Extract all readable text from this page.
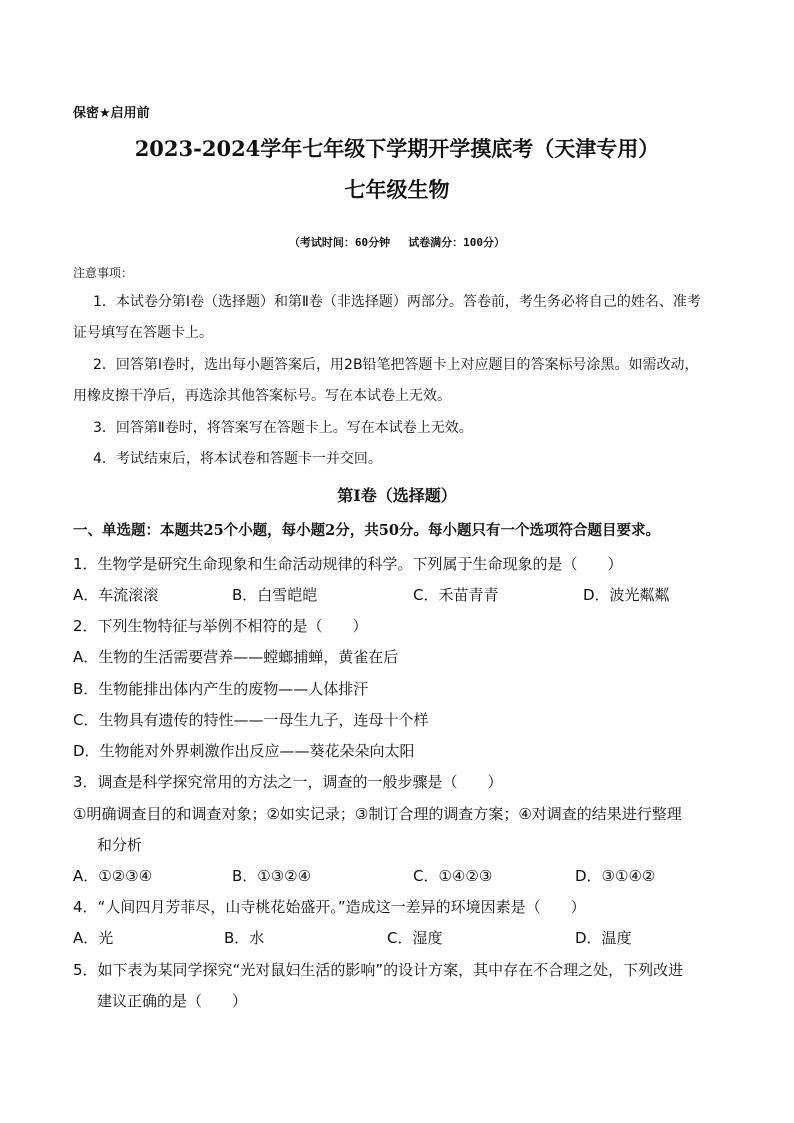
保密★启用前
2023-2024学年七年级下学期开学摸底考（天津专用）
七年级生物
（考试时间：60分钟 试卷满分：100分）
注意事项：
1．本试卷分第Ⅰ卷（选择题）和第Ⅱ卷（非选择题）两部分。答卷前，考生务必将自己的姓名、准考
证号填写在答题卡上。
2．回答第Ⅰ卷时，选出每小题答案后，用2B铅笔把答题卡上对应题目的答案标号涂黑。如需改动，
用橡皮擦干净后，再选涂其他答案标号。写在本试卷上无效。
3．回答第Ⅱ卷时，将答案写在答题卡上。写在本试卷上无效。
4．考试结束后，将本试卷和答题卡一并交回。
第Ⅰ卷（选择题）
一、单选题：本题共25个小题，每小题2分，共50分。每小题只有一个选项符合题目要求。
1．生物学是研究生命现象和生命活动规律的科学。下列属于生命现象的是（　　）
A．车流滚滚	B．白雪皑皑	C．禾苗青青	D．波光粼粼
2．下列生物特征与举例不相符的是（　　）
A．生物的生活需要营养——螳螂捕蝉，黄雀在后
B．生物能排出体内产生的废物——人体排汗
C．生物具有遗传的特性——一母生九子，连母十个样
D．生物能对外界刺激作出反应——葵花朵朵向太阳
3．调查是科学探究常用的方法之一，调查的一般步骤是（　　）
①明确调查目的和调查对象；②如实记录；③制订合理的调查方案；④对调查的结果进行整理
和分析
A．①②③④	B．①③②④	C．①④②③	D．③①④②
4．“人间四月芳菲尽，山寺桃花始盛开。”造成这一差异的环境因素是（　　）
A．光	B．水	C．湿度	D．温度
5．如下表为某同学探究“光对鼠妇生活的影响”的设计方案，其中存在不合理之处，下列改进
建议正确的是（　　）
